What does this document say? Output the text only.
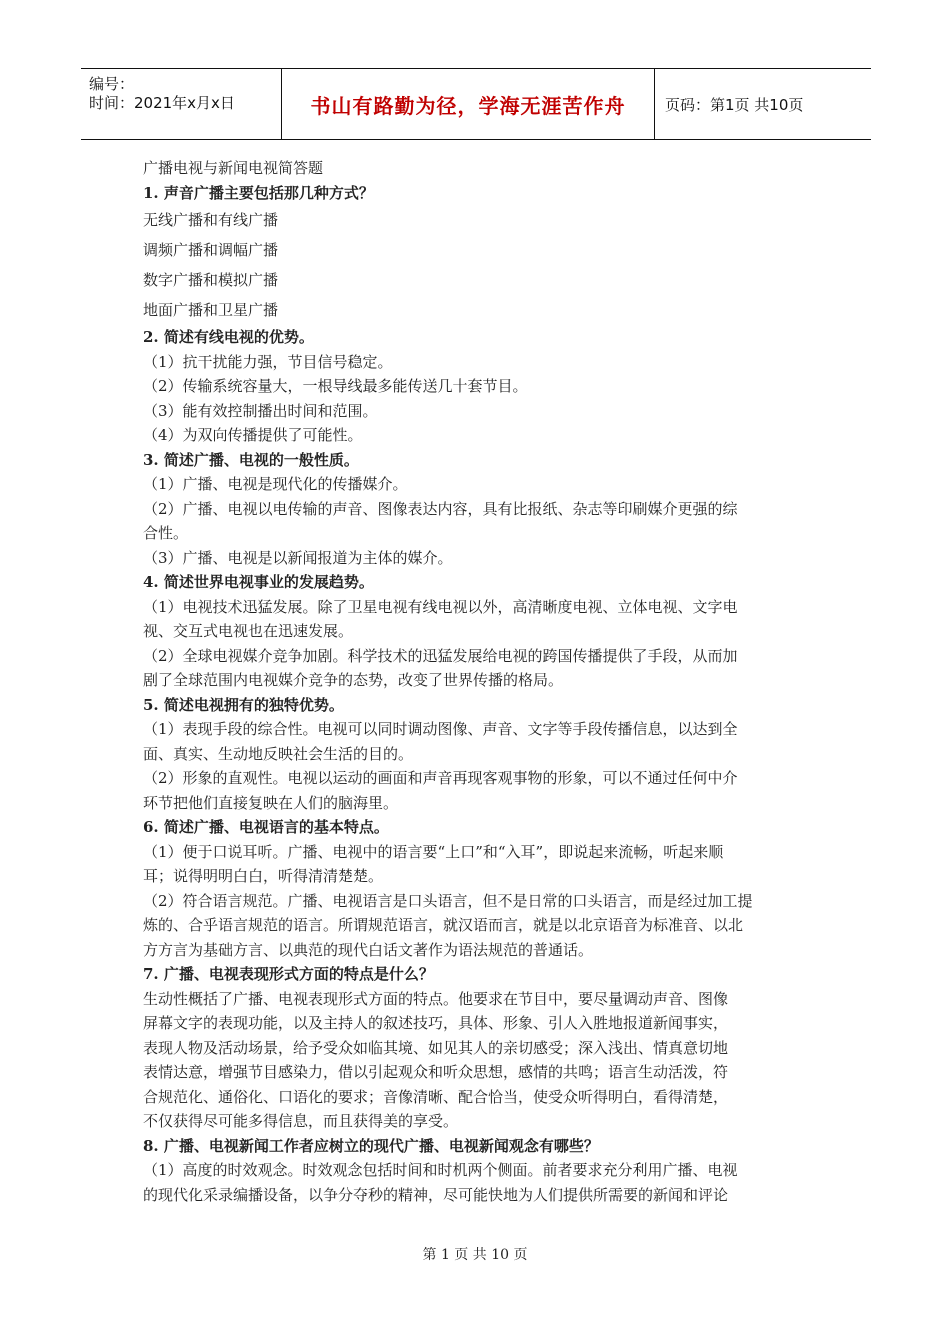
编号：
时间：2021年x月x日	书山有路勤为径，学海无涯苦作舟	页码：第1页 共10页
广播电视与新闻电视简答题
1. 声音广播主要包括那几种方式？
无线广播和有线广播
调频广播和调幅广播
数字广播和模拟广播
地面广播和卫星广播
2. 简述有线电视的优势。
（1）抗干扰能力强，节目信号稳定。
（2）传输系统容量大，一根导线最多能传送几十套节目。
（3）能有效控制播出时间和范围。
（4）为双向传播提供了可能性。
3. 简述广播、电视的一般性质。
（1）广播、电视是现代化的传播媒介。
（2）广播、电视以电传输的声音、图像表达内容，具有比报纸、杂志等印刷媒介更强的综
合性。
（3）广播、电视是以新闻报道为主体的媒介。
4. 简述世界电视事业的发展趋势。
（1）电视技术迅猛发展。除了卫星电视有线电视以外，高清晰度电视、立体电视、文字电
视、交互式电视也在迅速发展。
（2）全球电视媒介竞争加剧。科学技术的迅猛发展给电视的跨国传播提供了手段，从而加
剧了全球范围内电视媒介竞争的态势，改变了世界传播的格局。
5. 简述电视拥有的独特优势。
（1）表现手段的综合性。电视可以同时调动图像、声音、文字等手段传播信息，以达到全
面、真实、生动地反映社会生活的目的。
（2）形象的直观性。电视以运动的画面和声音再现客观事物的形象，可以不通过任何中介
环节把他们直接复映在人们的脑海里。
6. 简述广播、电视语言的基本特点。
（1）便于口说耳听。广播、电视中的语言要“上口”和“入耳”，即说起来流畅，听起来顺
耳；说得明明白白，听得清清楚楚。
（2）符合语言规范。广播、电视语言是口头语言，但不是日常的口头语言，而是经过加工提
炼的、合乎语言规范的语言。所谓规范语言，就汉语而言，就是以北京语音为标准音、以北
方方言为基础方言、以典范的现代白话文著作为语法规范的普通话。
7. 广播、电视表现形式方面的特点是什么？
生动性概括了广播、电视表现形式方面的特点。他要求在节目中，要尽量调动声音、图像
屏幕文字的表现功能，以及主持人的叙述技巧，具体、形象、引人入胜地报道新闻事实，
表现人物及活动场景，给予受众如临其境、如见其人的亲切感受；深入浅出、情真意切地
表情达意，增强节目感染力，借以引起观众和听众思想，感情的共鸣；语言生动活泼，符
合规范化、通俗化、口语化的要求；音像清晰、配合恰当，使受众听得明白，看得清楚，
不仅获得尽可能多得信息，而且获得美的享受。
8. 广播、电视新闻工作者应树立的现代广播、电视新闻观念有哪些？
（1）高度的时效观念。时效观念包括时间和时机两个侧面。前者要求充分利用广播、电视
的现代化采录编播设备，以争分夺秒的精神，尽可能快地为人们提供所需要的新闻和评论
第 1 页 共 10 页
